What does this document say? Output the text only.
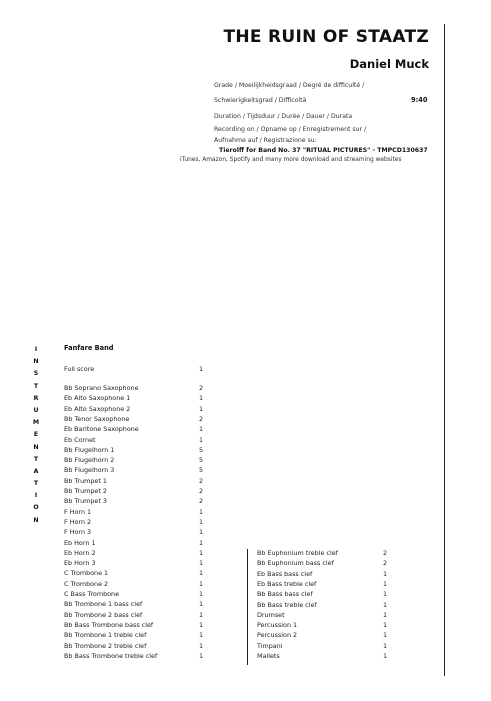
THE RUIN OF STAATZ
Daniel Muck
Grade / Moeilijkheidsgraad / Degré de difficulté /
Schwierigkeitsgrad / Difficoltà	9:40
Duration / Tijdsduur / Durée / Dauer / Durata
Recording on / Opname op / Enregistrement sur /
Aufnahme auf / Registrazione su:
Tierolff for Band No. 37 "RITUAL PICTURES" - TMPCD130637
iTunes, Amazon, Spotify and many more download and streaming websites
I
N
S
T
R
U
M
E
N
T
A
T
I
O
N
Fanfare Band
Full score	1
Bb Soprano Saxophone	2
Eb Alto Saxophone 1	1
Eb Alto Saxophone 2	1
Bb Tenor Saxophone	2
Eb Baritone Saxophone	1
Eb Cornet	1
Bb Flugelhorn 1	5
Bb Flugelhorn 2	5
Bb Flugelhorn 3	5
Bb Trumpet 1	2
Bb Trumpet 2	2
Bb Trumpet 3	2
F Horn 1	1
F Horn 2	1
F Horn 3	1
Eb Horn 1	1
Eb Horn 2	1
Eb Horn 3	1
C Trombone 1	1
C Trombone 2	1
C Bass Trombone	1
Bb Trombone 1 bass clef	1
Bb Trombone 2 bass clef	1
Bb Bass Trombone bass clef	1
Bb Trombone 1 treble clef	1
Bb Trombone 2 treble clef	1
Bb Bass Trombone treble clef	1
Bb Euphonium treble clef	2
Bb Euphonium bass clef	2
Eb Bass bass clef	1
Eb Bass treble clef	1
Bb Bass bass clef	1
Bb Bass treble clef	1
Drumset	1
Percussion 1	1
Percussion 2	1
Timpani	1
Mallets	1
